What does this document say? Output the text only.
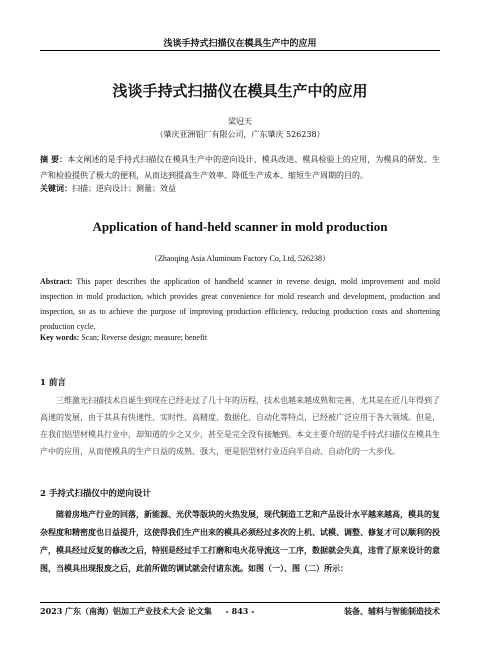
浅谈手持式扫描仪在模具生产中的应用
浅谈手持式扫描仪在模具生产中的应用
梁冠天
（肇庆亚洲铝厂有限公司，广东肇庆 526238）
摘 要：本文阐述的是手持式扫描仪在模具生产中的逆向设计、模具改进、模具检验上的应用，为模具的研发、生产和检验提供了极大的便利，从而达到提高生产效率、降低生产成本、缩短生产周期的目的。
关键词：扫描；逆向设计；测量；效益
Application of hand-held scanner in mold production
（Zhaoqing Asia Aluminum Factory Co, Ltd, 526238）
Abstract: This paper describes the application of handheld scanner in reverse design, mold improvement and mold inspection in mold production, which provides great convenience for mold research and development, production and inspection, so as to achieve the purpose of improving production efficiency, reducing production costs and shortening production cycle.
Key words: Scan; Reverse design; measure; benefit
1 前言
三维激光扫描技术自诞生到现在已经走过了几十年的历程，技术也越来越成熟和完善，尤其是在近几年得到了高速的发展，由于其具有快速性、实时性、高精度、数据化、自动化等特点，已经被广泛应用于各大领域。但是，在我们铝型材模具行业中，却知道的少之又少，甚至是完全没有接触到。本文主要介绍的是手持式扫描仪在模具生产中的应用，从而使模具的生产日益的成熟、强大，更是铝型材行业迈向半自动、自动化的一大步伐。
2 手持式扫描仪中的逆向设计
随着房地产行业的回落，新能源、光伏等版块的火热发展，现代制造工艺和产品设计水平越来越高，模具的复杂程度和精密度也日益提升，这使得我们生产出来的模具必须经过多次的上机、试模、调整、修复才可以顺利的投产，模具经过反复的修改之后，特别是经过手工打磨和电火花导流这一工序，数据就会失真，违背了原来设计的意图，当模具出现报废之后，此前所做的调试就会付诸东流。如图（一）、图（二）所示：
2023 广东（南海）铝加工产业技术大会 论文集	- 843 -	装备、辅料与智能制造技术
